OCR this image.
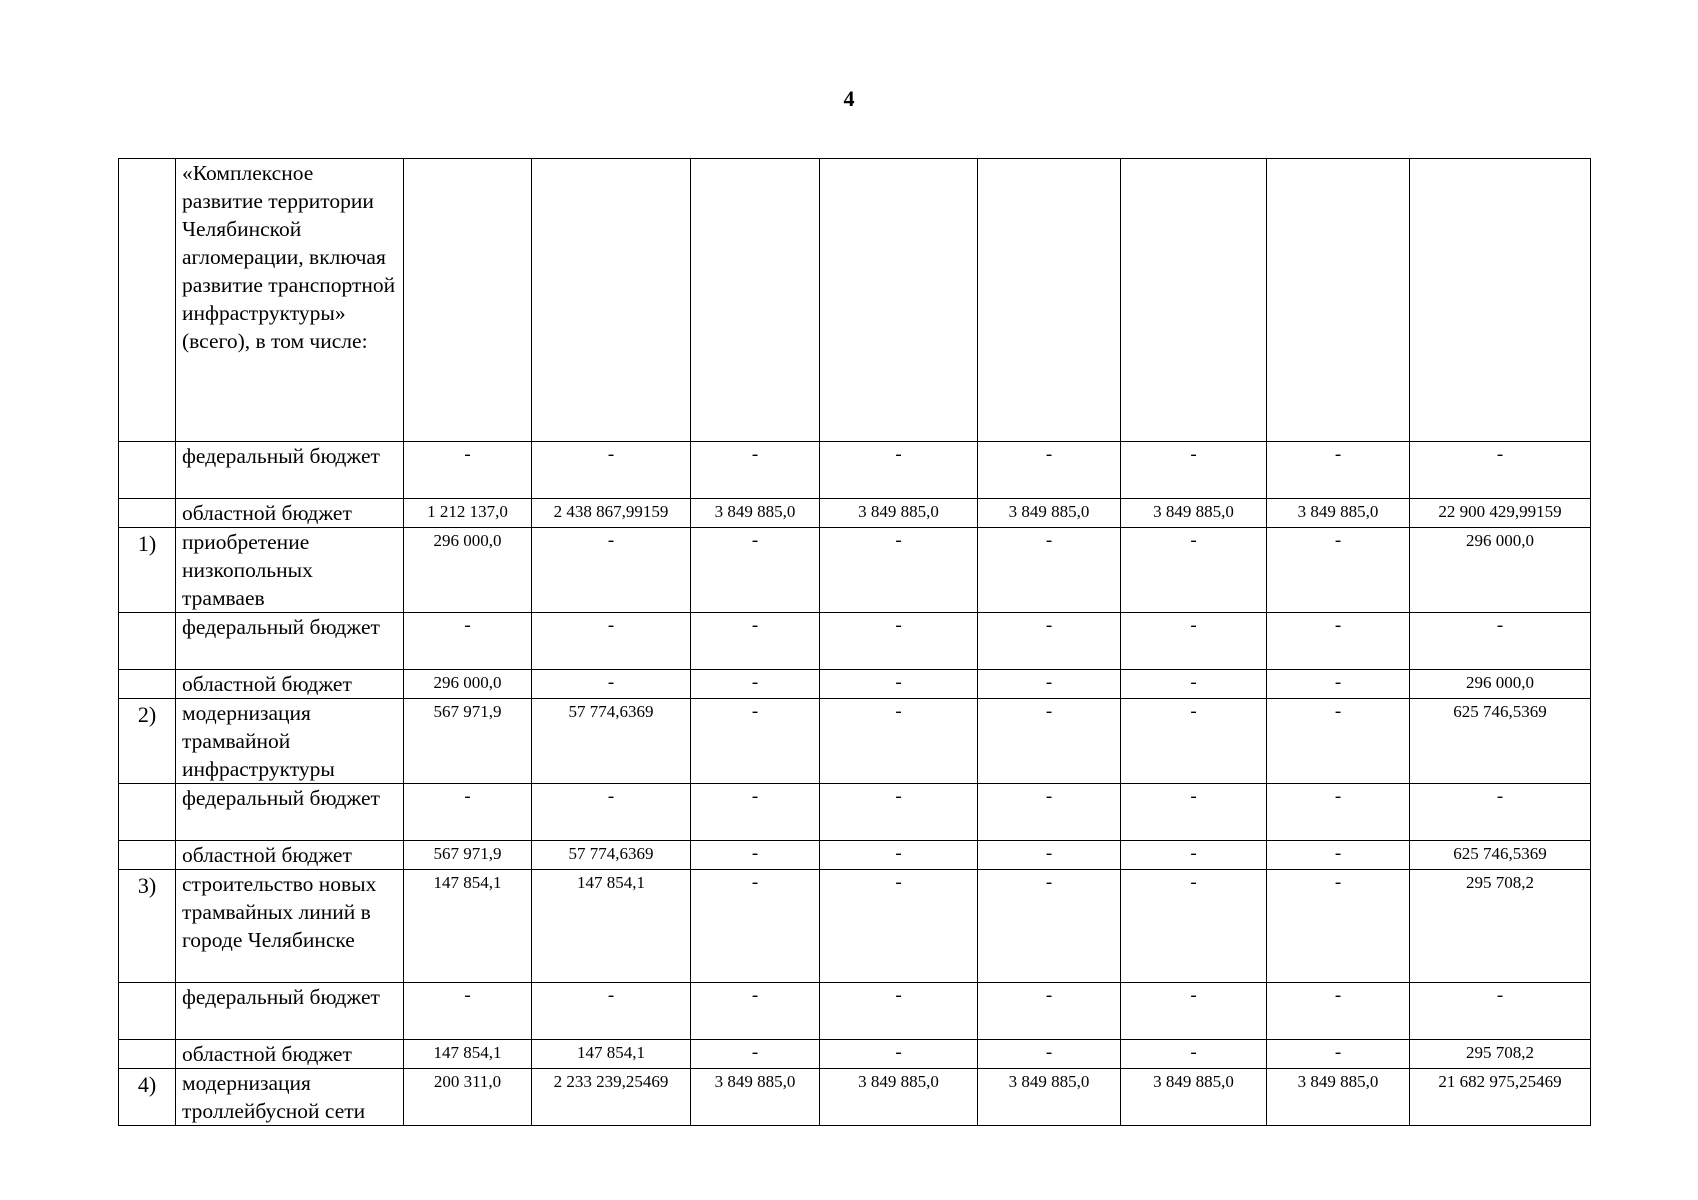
4
	«Комплексное развитие территории Челябинской агломерации, включая развитие транспортной инфраструктуры» (всего), в том числе:								
	федеральный бюджет	-	-	-	-	-	-	-	-
	областной бюджет	1 212 137,0	2 438 867,99159	3 849 885,0	3 849 885,0	3 849 885,0	3 849 885,0	3 849 885,0	22 900 429,99159
1)	приобретение низкопольных трамваев	296 000,0	-	-	-	-	-	-	296 000,0
	федеральный бюджет	-	-	-	-	-	-	-	-
	областной бюджет	296 000,0	-	-	-	-	-	-	296 000,0
2)	модернизация трамвайной инфраструктуры	567 971,9	57 774,6369	-	-	-	-	-	625 746,5369
	федеральный бюджет	-	-	-	-	-	-	-	-
	областной бюджет	567 971,9	57 774,6369	-	-	-	-	-	625 746,5369
3)	строительство новых трамвайных линий в городе Челябинске	147 854,1	147 854,1	-	-	-	-	-	295 708,2
	федеральный бюджет	-	-	-	-	-	-	-	-
	областной бюджет	147 854,1	147 854,1	-	-	-	-	-	295 708,2
4)	модернизация троллейбусной сети	200 311,0	2 233 239,25469	3 849 885,0	3 849 885,0	3 849 885,0	3 849 885,0	3 849 885,0	21 682 975,25469
